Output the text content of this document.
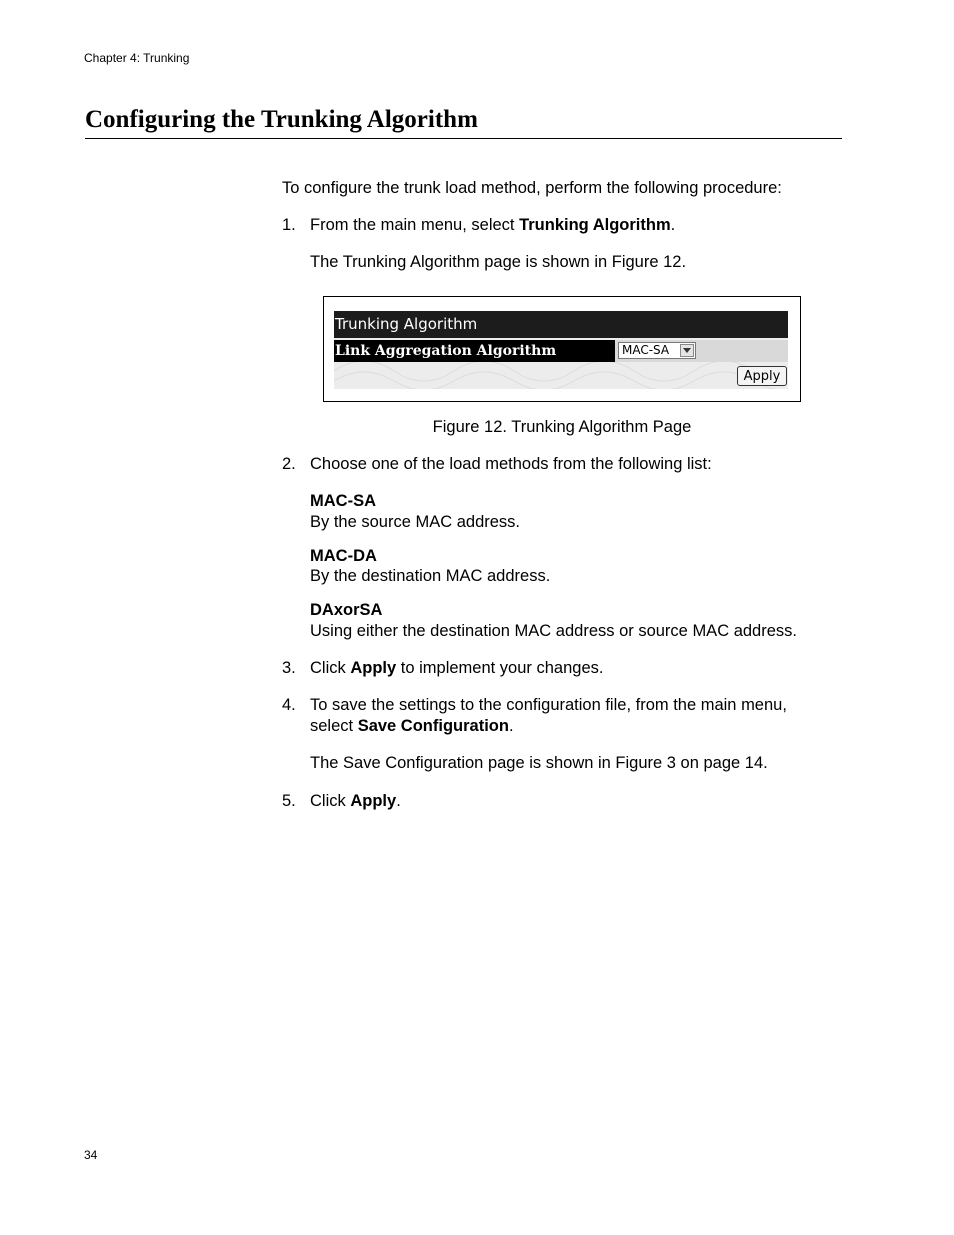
Chapter 4: Trunking
Configuring the Trunking Algorithm
To configure the trunk load method, perform the following procedure:
1. From the main menu, select Trunking Algorithm.
The Trunking Algorithm page is shown in Figure 12.
Trunking Algorithm
Link Aggregation Algorithm	MAC-SA
Apply
Figure 12. Trunking Algorithm Page
2. Choose one of the load methods from the following list:
MAC-SA
By the source MAC address.
MAC-DA
By the destination MAC address.
DAxorSA
Using either the destination MAC address or source MAC address.
3. Click Apply to implement your changes.
4. To save the settings to the configuration file, from the main menu,
select Save Configuration.
The Save Configuration page is shown in Figure 3 on page 14.
5. Click Apply.
34
